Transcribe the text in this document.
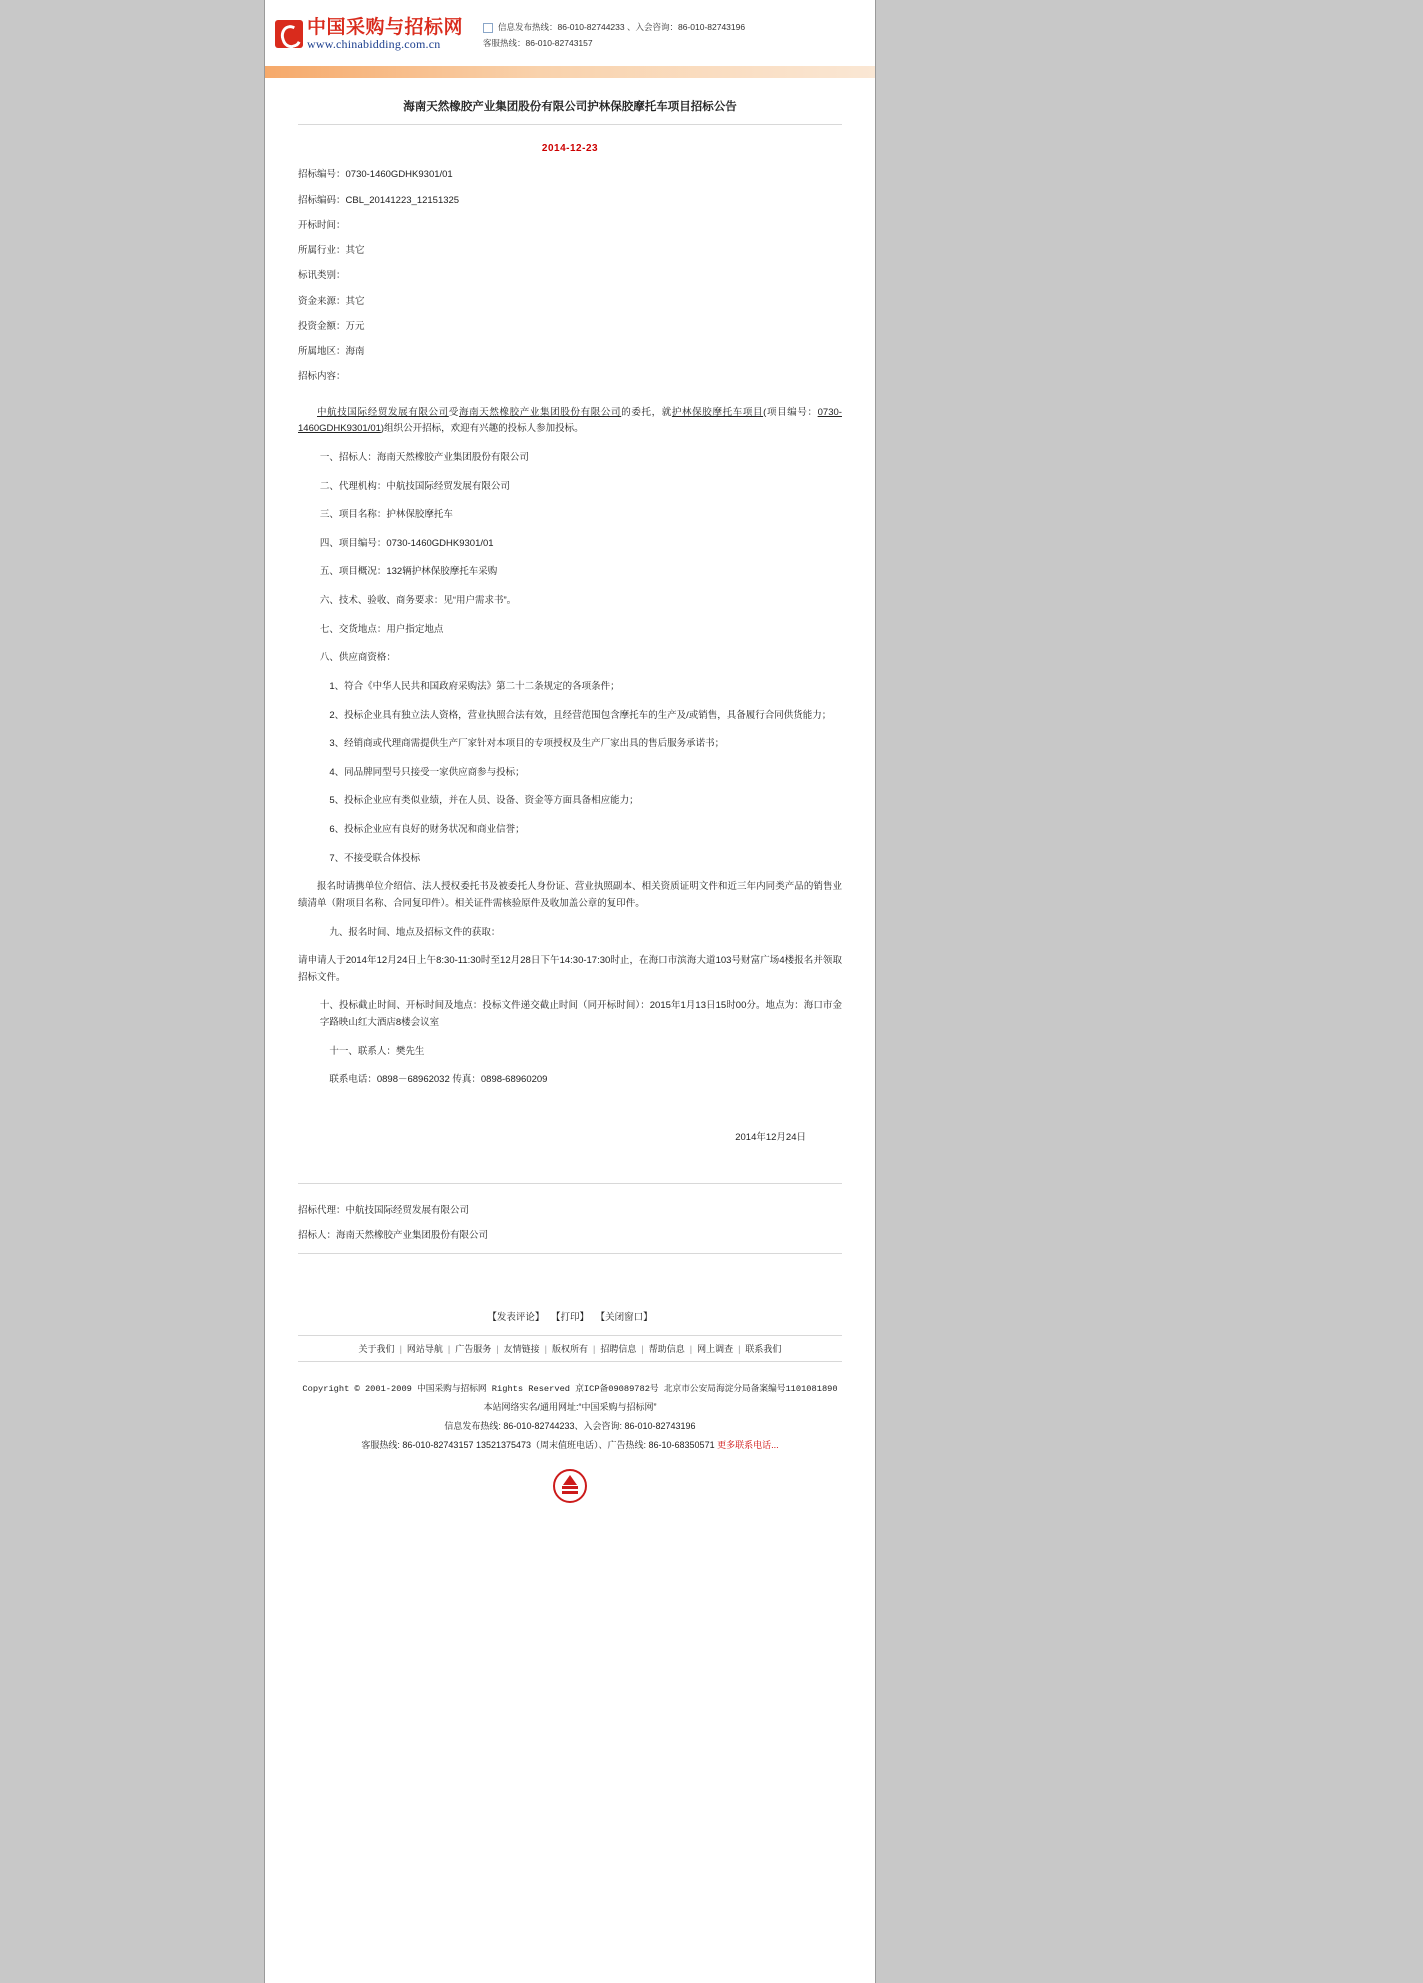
中国采购与招标网
www.chinabidding.com.cn
信息发布热线：86-010-82744233 、入会咨询：86-010-82743196
客服热线：86-010-82743157
海南天然橡胶产业集团股份有限公司护林保胶摩托车项目招标公告
2014-12-23

招标编号：0730-1460GDHK9301/01

招标编码：CBL_20141223_12151325

开标时间：

所属行业：其它

标讯类别：

资金来源：其它

投资金额：万元

所属地区：海南

招标内容：

中航技国际经贸发展有限公司受海南天然橡胶产业集团股份有限公司的委托，就护林保胶摩托车项目(项目编号：0730-1460GDHK9301/01)组织公开招标，欢迎有兴趣的投标人参加投标。

一、招标人：海南天然橡胶产业集团股份有限公司

二、代理机构：中航技国际经贸发展有限公司

三、项目名称：护林保胶摩托车

四、项目编号：0730-1460GDHK9301/01

五、项目概况：132辆护林保胶摩托车采购

六、技术、验收、商务要求：见“用户需求书”。

七、交货地点：用户指定地点

八、供应商资格：

1、符合《中华人民共和国政府采购法》第二十二条规定的各项条件；

2、投标企业具有独立法人资格，营业执照合法有效，且经营范围包含摩托车的生产及/或销售，具备履行合同供货能力；

3、经销商或代理商需提供生产厂家针对本项目的专项授权及生产厂家出具的售后服务承诺书；

4、同品牌同型号只接受一家供应商参与投标；

5、投标企业应有类似业绩，并在人员、设备、资金等方面具备相应能力；

6、投标企业应有良好的财务状况和商业信誉；

7、不接受联合体投标

报名时请携单位介绍信、法人授权委托书及被委托人身份证、营业执照副本、相关资质证明文件和近三年内同类产品的销售业绩清单（附项目名称、合同复印件）。相关证件需核验原件及收加盖公章的复印件。

九、报名时间、地点及招标文件的获取：

请申请人于2014年12月24日上午8:30-11:30时至12月28日下午14:30-17:30时止，在海口市滨海大道103号财富广场4楼报名并领取招标文件。

十、投标截止时间、开标时间及地点：投标文件递交截止时间（同开标时间）：2015年1月13日15时00分。地点为：海口市金字路映山红大酒店8楼会议室

十一、联系人：樊先生

联系电话：0898－68962032 传真：0898-68960209

2014年12月24日

招标代理：中航技国际经贸发展有限公司

招标人：海南天然橡胶产业集团股份有限公司

【发表评论】 【打印】 【关闭窗口】
关于我们 | 网站导航 | 广告服务 | 友情链接 | 版权所有 | 招聘信息 | 帮助信息 | 网上调查 | 联系我们
Copyright © 2001-2009 中国采购与招标网 Rights Reserved 京ICP备09089782号 北京市公安局海淀分局备案编号1101081890
本站网络实名/通用网址:“中国采购与招标网”
信息发布热线: 86-010-82744233、入会咨询: 86-010-82743196
客服热线: 86-010-82743157 13521375473（周末值班电话）、广告热线: 86-10-68350571 更多联系电话...
